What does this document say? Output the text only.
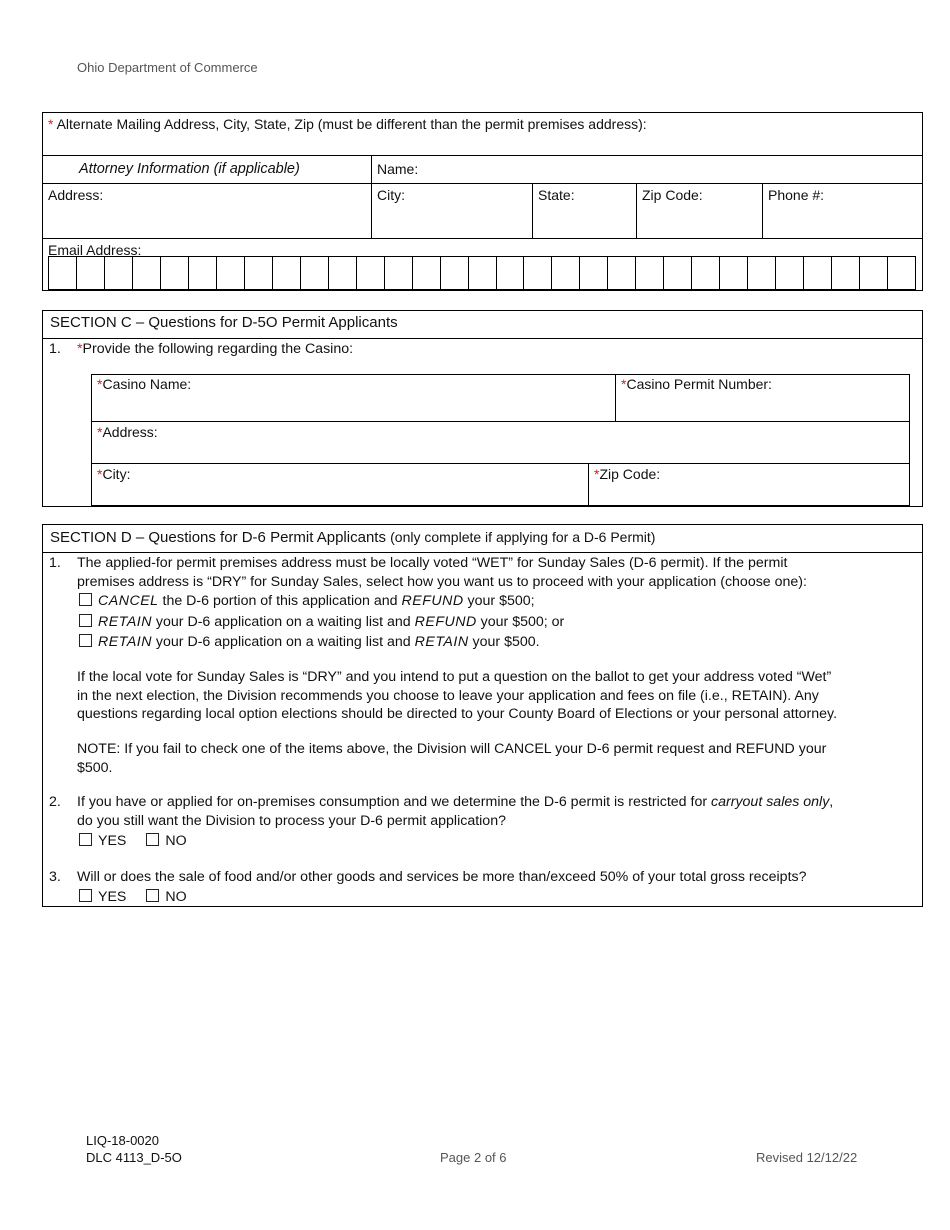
Ohio Department of Commerce
* Alternate Mailing Address, City, State, Zip (must be different than the permit premises address):
Attorney Information (if applicable)	Name:
Address:	City:	State:	Zip Code:	Phone #:
Email Address:
SECTION C – Questions for D-5O Permit Applicants
1. *Provide the following regarding the Casino:
*Casino Name:	*Casino Permit Number:
*Address:
*City:	*Zip Code:
SECTION D – Questions for D-6 Permit Applicants (only complete if applying for a D-6 Permit)
1. The applied-for permit premises address must be locally voted “WET” for Sunday Sales (D-6 permit). If the permit
premises address is “DRY” for Sunday Sales, select how you want us to proceed with your application (choose one):
CANCEL the D-6 portion of this application and REFUND your $500;
RETAIN your D-6 application on a waiting list and REFUND your $500; or
RETAIN your D-6 application on a waiting list and RETAIN your $500.
If the local vote for Sunday Sales is “DRY” and you intend to put a question on the ballot to get your address voted “Wet”
in the next election, the Division recommends you choose to leave your application and fees on file (i.e., RETAIN). Any
questions regarding local option elections should be directed to your County Board of Elections or your personal attorney.
NOTE: If you fail to check one of the items above, the Division will CANCEL your D-6 permit request and REFUND your
$500.
2. If you have or applied for on-premises consumption and we determine the D-6 permit is restricted for carryout sales only,
do you still want the Division to process your D-6 permit application?
YES	NO
3. Will or does the sale of food and/or other goods and services be more than/exceed 50% of your total gross receipts?
YES	NO
LIQ-18-0020
DLC 4113_D-5O	Page 2 of 6	Revised 12/12/22
